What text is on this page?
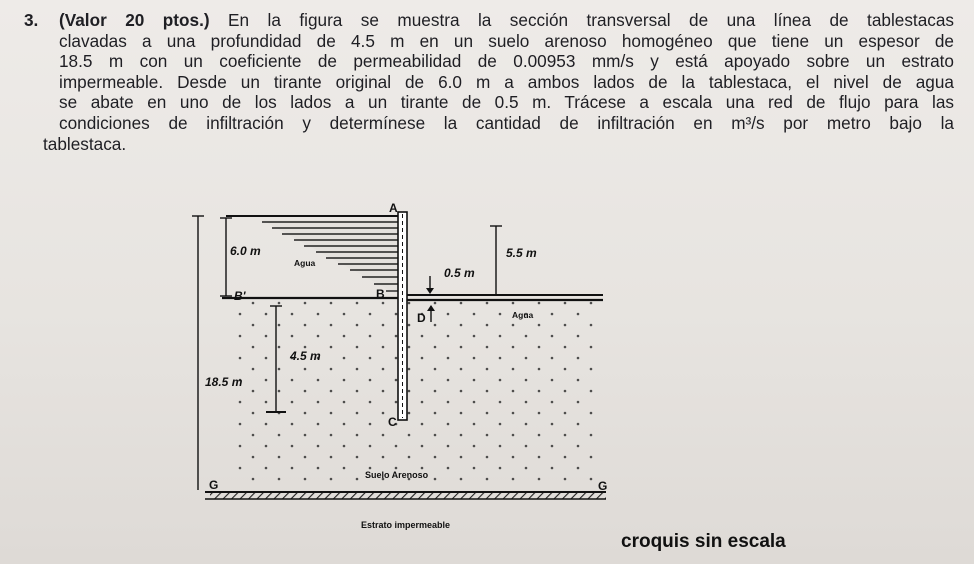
3. (Valor 20 ptos.) En la figura se muestra la sección transversal de una línea de tablestacas
clavadas a una profundidad de 4.5 m en un suelo arenoso homogéneo que tiene un espesor de
18.5 m con un coeficiente de permeabilidad de 0.00953 mm/s y está apoyado sobre un estrato
impermeable. Desde un tirante original de 6.0 m a ambos lados de la tablestaca, el nivel de agua
se abate en uno de los lados a un tirante de 0.5 m. Trácese a escala una red de flujo para las
condiciones de infiltración y determínese la cantidad de infiltración en m³/s por metro bajo la
tablestaca.
A
B'	B
C
D
G	G
6.0 m	5.5 m
0.5 m
4.5 m
18.5 m
Agua
Agua
Suelo Arenoso
Estrato impermeable
croquis sin escala
